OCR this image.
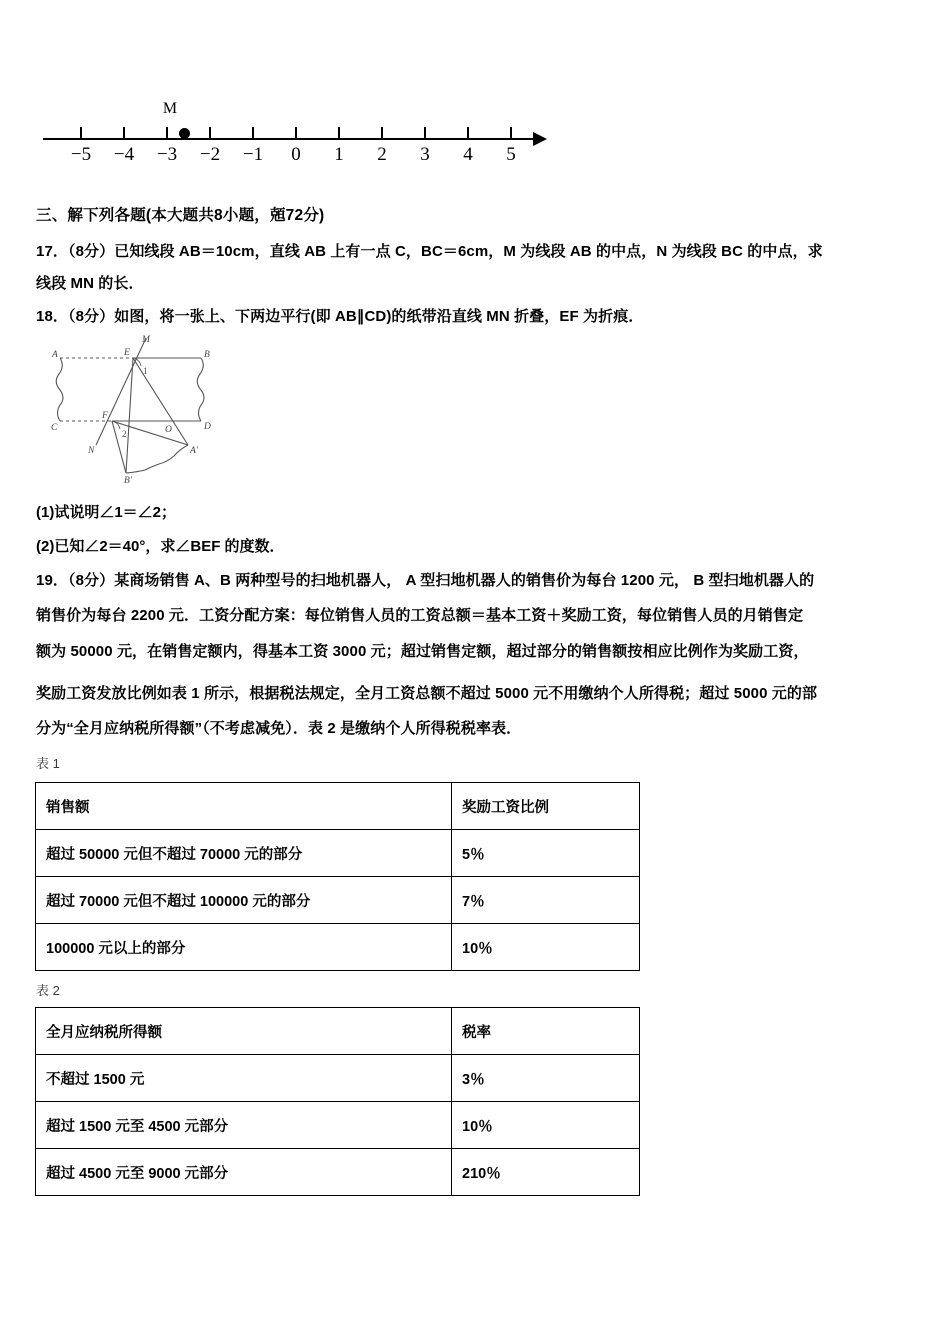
−5 −4 −3 −2 −1	0	1	2	3	4	5
M
三、解下列各题(本大题共8小题，兡72分)
17．（8分）已知线段 AB＝10cm，直线 AB 上有一点 C，BC＝6cm，M 为线段 AB 的中点，N 为线段 BC 的中点，求
线段 MN 的长．
18．（8分）如图，将一张上、下两边平行(即 AB∥CD)的纸带沿直线 MN 折叠，EF 为折痕．
A	B
C	D
E
F
M
N
O
A'
B'
1
2
(1)试说明∠1＝∠2；
(2)已知∠2＝40°，求∠BEF 的度数．
19．（8分）某商场销售 A、B 两种型号的扫地机器人， A 型扫地机器人的销售价为每台 1200 元， B 型扫地机器人的
销售价为每台 2200 元．工资分配方案：每位销售人员的工资总额＝基本工资＋奖励工资，每位销售人员的月销售定
额为 50000 元，在销售定额内，得基本工资 3000 元；超过销售定额，超过部分的销售额按相应比例作为奖励工资，
奖励工资发放比例如表 1 所示，根据税法规定，全月工资总额不超过 5000 元不用缴纳个人所得税；超过 5000 元的部
分为“全月应纳税所得额”（不考虑减免）．表 2 是缴纳个人所得税税率表．
表 1
销售额	奖励工资比例
超过 50000 元但不超过 70000 元的部分	5％
超过 70000 元但不超过 100000 元的部分	7％
100000 元以上的部分	10％
表 2
全月应纳税所得额	税率
不超过 1500 元	3％
超过 1500 元至 4500 元部分	10％
超过 4500 元至 9000 元部分	210％
